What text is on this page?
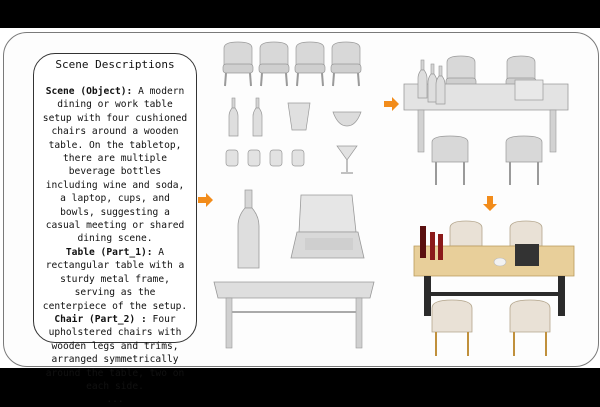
Scene Descriptions
Scene (Object): A modern dining or work table setup with four cushioned chairs around a wooden table. On the tabletop, there are multiple beverage bottles including wine and soda, a laptop, cups, and bowls, suggesting a casual meeting or shared dining scene.
Table (Part_1): A rectangular table with a sturdy metal frame, serving as the centerpiece of the setup.
Chair (Part_2) : Four upholstered chairs with wooden legs and trims, arranged symmetrically around the table, two on each side.
...
